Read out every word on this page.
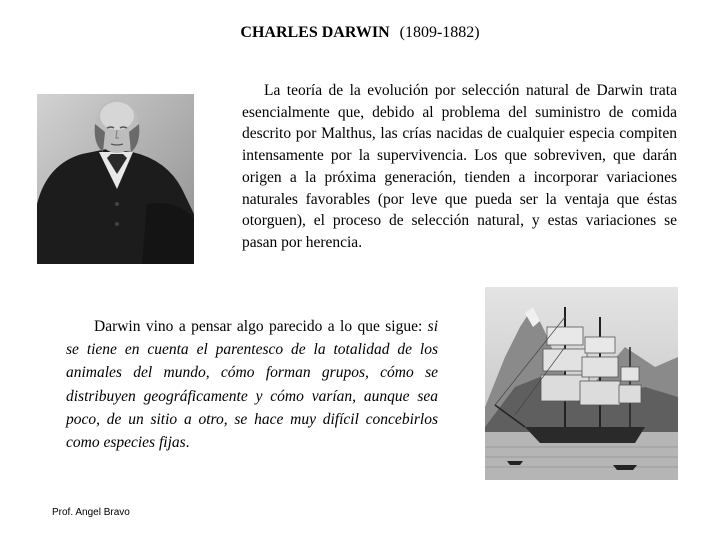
CHARLES DARWIN (1809-1882)
La teoría de la evolución por selección natural de Darwin trata esencialmente que, debido al problema del suministro de comida descrito por Malthus, las crías nacidas de cualquier especia compiten intensamente por la supervivencia. Los que sobreviven, que darán origen a la próxima generación, tienden a incorporar variaciones naturales favorables (por leve que pueda ser la ventaja que éstas otorguen), el proceso de selección natural, y estas variaciones se pasan por herencia.
Darwin vino a pensar algo parecido a lo que sigue: si se tiene en cuenta el parentesco de la totalidad de los animales del mundo, cómo forman grupos, cómo se distribuyen geográficamente y cómo varían, aunque sea poco, de un sitio a otro, se hace muy difícil concebirlos como especies fijas.
Prof. Angel Bravo
